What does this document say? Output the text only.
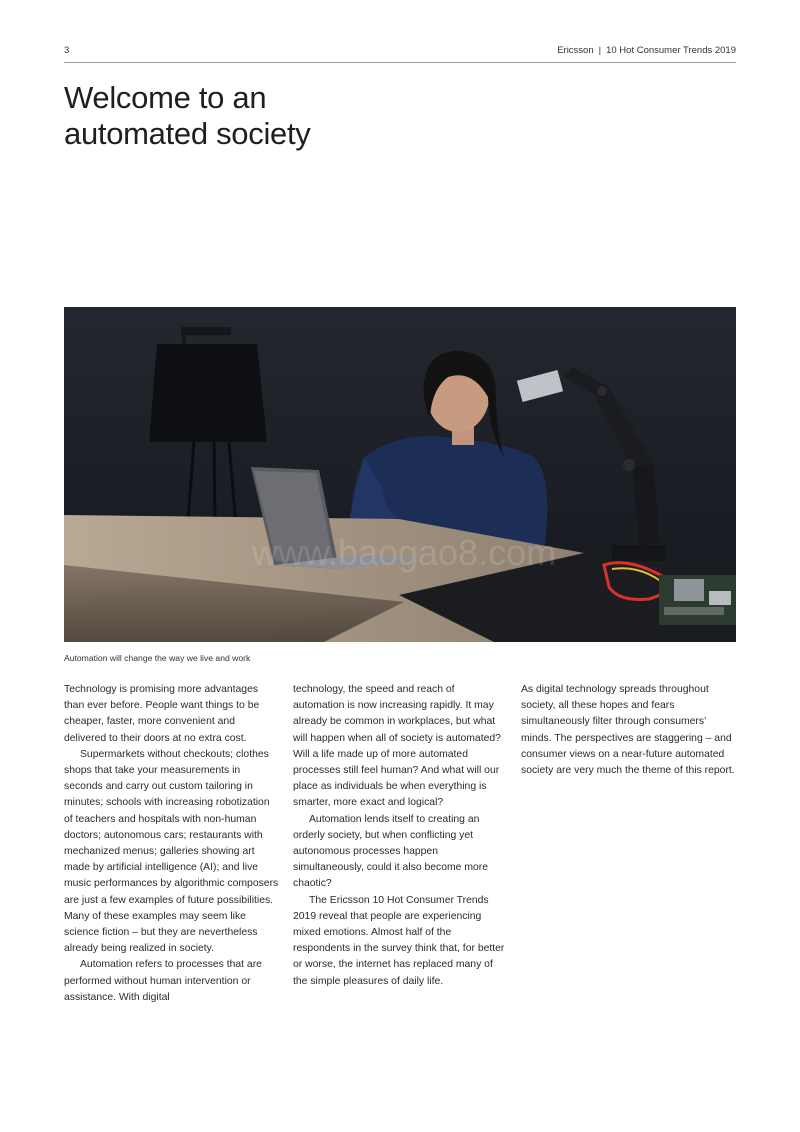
3	Ericsson | 10 Hot Consumer Trends 2019
Welcome to an
automated society
www.baogao8.com
Automation will change the way we live and work

Technology is promising more advantages than ever before. People want things to be cheaper, faster, more convenient and delivered to their doors at no extra cost.

Supermarkets without checkouts; clothes shops that take your measurements in seconds and carry out custom tailoring in minutes; schools with increasing robotization of teachers and hospitals with non-human doctors; autonomous cars; restaurants with mechanized menus; galleries showing art made by artificial intelligence (AI); and live music performances by algorithmic composers are just a few examples of future possibilities. Many of these examples may seem like science fiction – but they are nevertheless already being realized in society.

Automation refers to processes that are performed without human intervention or assistance. With digital

technology, the speed and reach of automation is now increasing rapidly. It may already be common in workplaces, but what will happen when all of society is automated? Will a life made up of more automated processes still feel human? And what will our place as individuals be when everything is smarter, more exact and logical?

Automation lends itself to creating an orderly society, but when conflicting yet autonomous processes happen simultaneously, could it also become more chaotic?

The Ericsson 10 Hot Consumer Trends 2019 reveal that people are experiencing mixed emotions. Almost half of the respondents in the survey think that, for better or worse, the internet has replaced many of the simple pleasures of daily life.

As digital technology spreads throughout society, all these hopes and fears simultaneously filter through consumers’ minds. The perspectives are staggering – and consumer views on a near-future automated society are very much the theme of this report.
